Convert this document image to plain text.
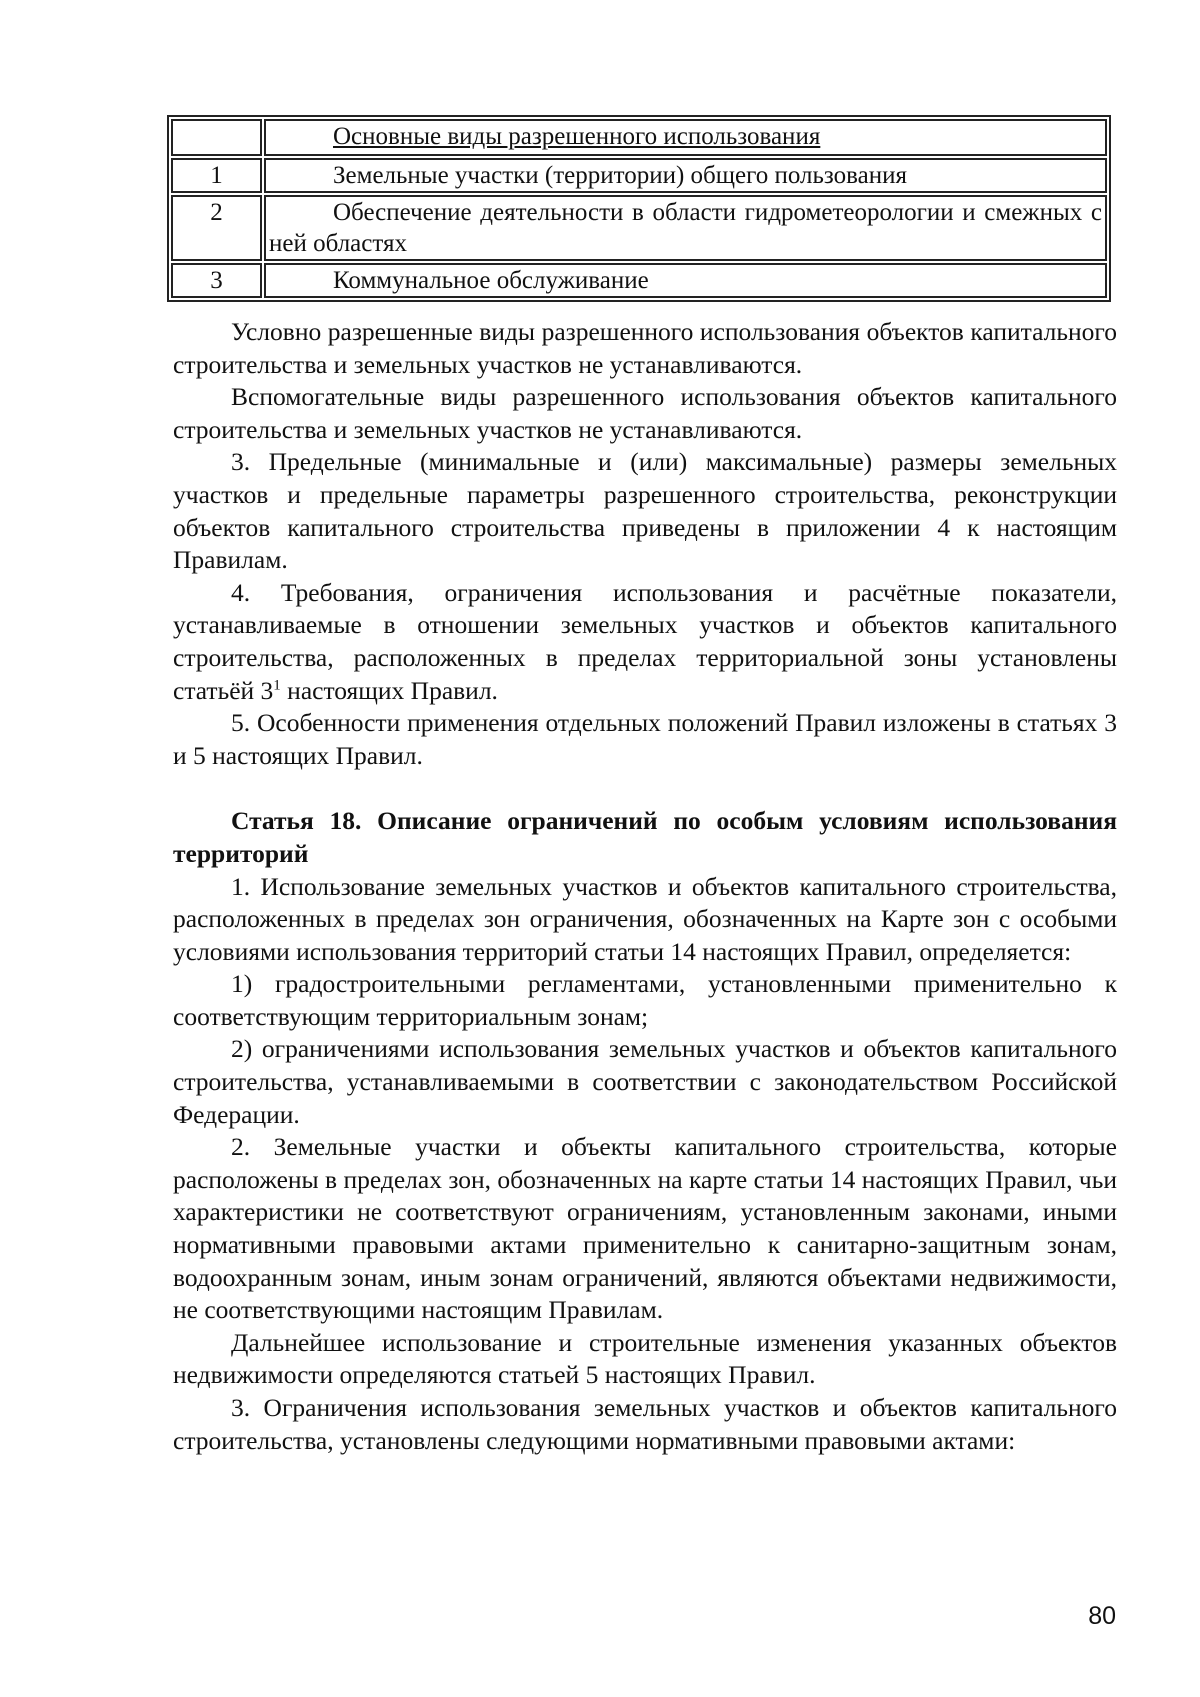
	Основные виды разрешенного использования
1	Земельные участки (территории) общего пользования
2	Обеспечение деятельности в области гидрометеорологии и смежных с ней областях
3	Коммунальное обслуживание

Условно разрешенные виды разрешенного использования объектов капитального строительства и земельных участков не устанавливаются.

Вспомогательные виды разрешенного использования объектов капитального строительства и земельных участков не устанавливаются.

3. Предельные (минимальные и (или) максимальные) размеры земельных участков и предельные параметры разрешенного строительства, реконструкции объектов капитального строительства приведены в приложении 4 к настоящим Правилам.

4. Требования, ограничения использования и расчётные показатели, устанавливаемые в отношении земельных участков и объектов капитального строительства, расположенных в пределах территориальной зоны установлены статьёй $3^1$ настоящих Правил.

5. Особенности применения отдельных положений Правил изложены в статьях 3 и 5 настоящих Правил.

Статья 18. Описание ограничений по особым условиям использования территорий

1. Использование земельных участков и объектов капитального строительства, расположенных в пределах зон ограничения, обозначенных на Карте зон с особыми условиями использования территорий статьи 14 настоящих Правил, определяется:

1) градостроительными регламентами, установленными применительно к соответствующим территориальным зонам;

2) ограничениями использования земельных участков и объектов капитального строительства, устанавливаемыми в соответствии с законодательством Российской Федерации.

2. Земельные участки и объекты капитального строительства, которые расположены в пределах зон, обозначенных на карте статьи 14 настоящих Правил, чьи характеристики не соответствуют ограничениям, установленным законами, иными нормативными правовыми актами применительно к санитарно-защитным зонам, водоохранным зонам, иным зонам ограничений, являются объектами недвижимости, не соответствующими настоящим Правилам.

Дальнейшее использование и строительные изменения указанных объектов недвижимости определяются статьей 5 настоящих Правил.

3. Ограничения использования земельных участков и объектов капитального строительства, установлены следующими нормативными правовыми актами:

80
